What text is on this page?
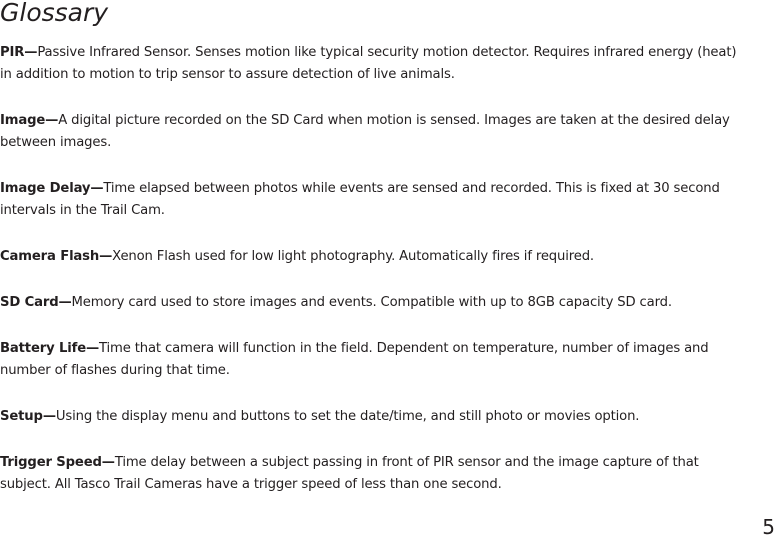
Glossary

PIR—Passive Infrared Sensor. Senses motion like typical security motion detector. Requires infrared energy (heat) in addition to motion to trip sensor to assure detection of live animals.

Image—A digital picture recorded on the SD Card when motion is sensed. Images are taken at the desired delay between images.

Image Delay—Time elapsed between photos while events are sensed and recorded. This is fixed at 30 second intervals in the Trail Cam.

Camera Flash—Xenon Flash used for low light photography. Automatically fires if required.

SD Card—Memory card used to store images and events. Compatible with up to 8GB capacity SD card.

Battery Life—Time that camera will function in the field. Dependent on temperature, number of images and number of flashes during that time.

Setup—Using the display menu and buttons to set the date/time, and still photo or movies option.

Trigger Speed—Time delay between a subject passing in front of PIR sensor and the image capture of that subject. All Tasco Trail Cameras have a trigger speed of less than one second.

5
